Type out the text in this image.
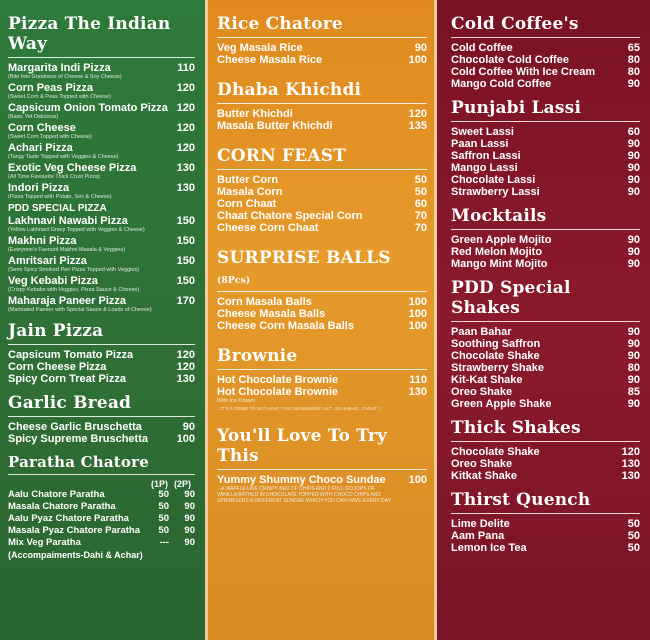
Pizza The Indian Way
Margarita Indi Pizza	110
(Bite Into Goodness of Cheese & Soy Cheese)
Corn Peas Pizza	120
(Sweet Corn & Peas Topped with Cheese)
Capsicum Onion Tomato Pizza 120
(Basic Yet Delicious)
Corn Cheese	120
(Sweet Corn Topped with Cheese)
Achari Pizza	120
(Tangy Taste Topped with Veggies & Cheese)
Exotic Veg Cheese Pizza	130
(All Time Favourite Thick Crust Pizza)
Indori Pizza	130
(Pizza Topped with Potato, Sev & Cheese)
PDD SPECIAL PIZZA
Lakhnavi Nawabi Pizza	150
(Yellow Lakhnavi Gravy Topped with Veggies & Cheese)
Makhni Pizza	150
(Everyone's Favourit Makhni Masala & Veggies)
Amritsari Pizza	150
(Semi Spicy Smoked Peri Pizza Topped with Veggies)
Veg Kebabi Pizza	150
(Crispy Kebabs with Veggies, Pizza Sauce & Cheese)
Maharaja Paneer Pizza	170
(Marinated Paneer with Special Sauce & Loads of Cheese)
Jain Pizza
Capsicum Tomato Pizza	120
Corn Cheese Pizza	120
Spicy Corn Treat Pizza	130
Garlic Bread
Cheese Garlic Bruschetta	90
Spicy Supreme Bruschetta	100
Paratha Chatore
(1P) (2P)
Aalu Chatore Paratha	50	90
Masala Chatore Paratha	50	90
Aalu Pyaz Chatore Paratha	50	90
Masala Pyaz Chatore Paratha	50	90
Mix Veg Paratha	---	90
(Accompaiments-Dahi & Achar)
Rice Chatore
Veg Masala Rice	90
Cheese Masala Rice	100
Dhaba Khichdi
Butter Khichdi	120
Masala Butter Khichdi	135
CORN FEAST
Butter Corn	50
Masala Corn	50
Corn Chaat	60
Chaat Chatore Special Corn	70
Cheese Corn Chaat	70
SURPRISE BALLS (8Pcs)
Corn Masala Balls	100
Cheese Masala Balls	100
Cheese Corn Masala Balls	100
Brownie
Hot Chocolate Brownie	110
Hot Chocolate Brownie	130
With Ice Cream
...IT'S A CRIME TO NOT HAVE THIS ON DESSERT LIST...SO AHEAD...CHEAT :)
You'll Love To Try This
Yummy Shummy Choco Sundae	100
...A WAFFLE LIKE CRISPY BED OF CHIPS AND 2 FULL SCOOPS OF VANILLA BATHED IN CHOCOLATE TOPPED WITH CHOCO CHIPS AND SPRINKLERS A DIFFERENT SUNDAE WHICH YOU CAN HAVE EVERY DAY
Cold Coffee's
Cold Coffee	65
Chocolate Cold Coffee	80
Cold Coffee With Ice Cream	80
Mango Cold Coffee	90
Punjabi Lassi
Sweet Lassi	60
Paan Lassi	90
Saffron Lassi	90
Mango Lassi	90
Chocolate Lassi	90
Strawberry Lassi	90
Mocktails
Green Apple Mojito	90
Red Melon Mojito	90
Mango Mint Mojito	90
PDD Special Shakes
Paan Bahar	90
Soothing Saffron	90
Chocolate Shake	90
Strawberry Shake	80
Kit-Kat Shake	90
Oreo Shake	85
Green Apple Shake	90
Thick Shakes
Chocolate Shake	120
Oreo Shake	130
Kitkat Shake	130
Thirst Quench
Lime Delite	50
Aam Pana	50
Lemon Ice Tea	50
